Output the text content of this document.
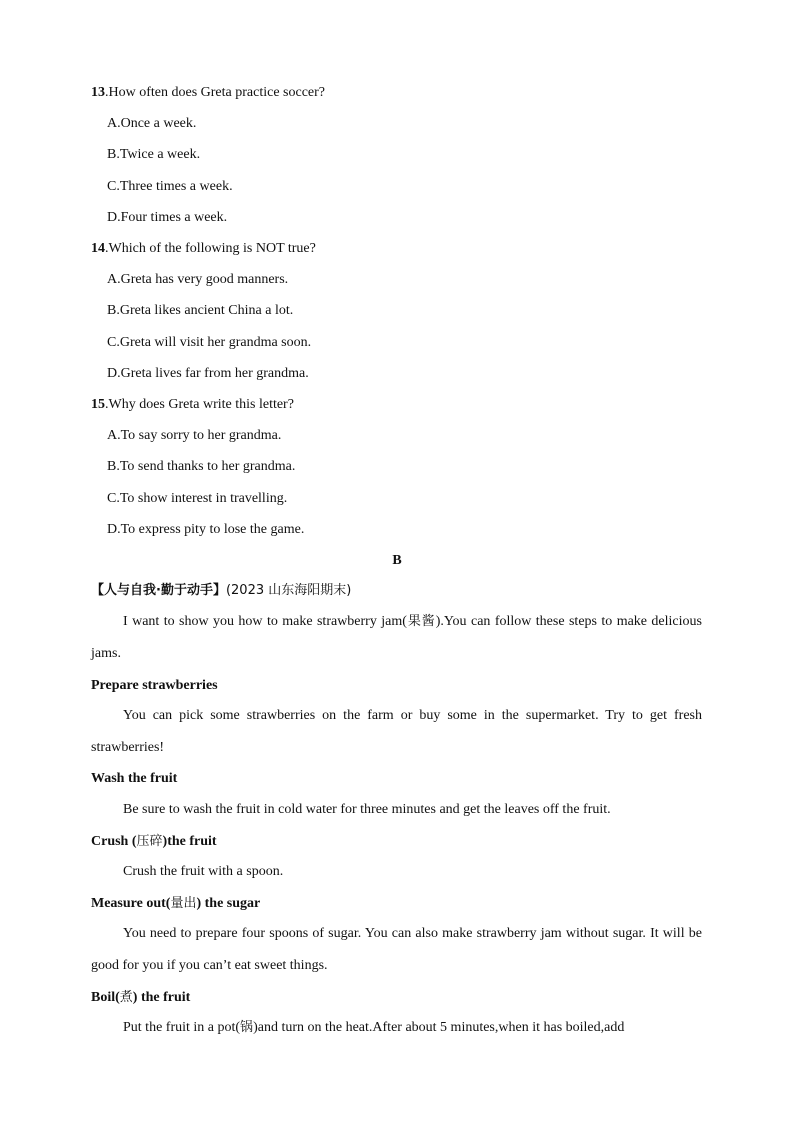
13.How often does Greta practice soccer?
A.Once a week.
B.Twice a week.
C.Three times a week.
D.Four times a week.
14.Which of the following is NOT true?
A.Greta has very good manners.
B.Greta likes ancient China a lot.
C.Greta will visit her grandma soon.
D.Greta lives far from her grandma.
15.Why does Greta write this letter?
A.To say sorry to her grandma.
B.To send thanks to her grandma.
C.To show interest in travelling.
D.To express pity to lose the game.
B
【人与自我·勤于动手】(2023 山东海阳期末)
I want to show you how to make strawberry jam(果酱).You can follow these steps to make delicious jams.
Prepare strawberries
You can pick some strawberries on the farm or buy some in the supermarket. Try to get fresh strawberries!
Wash the fruit
Be sure to wash the fruit in cold water for three minutes and get the leaves off the fruit.
Crush (压碎)the fruit
Crush the fruit with a spoon.
Measure out(量出) the sugar
You need to prepare four spoons of sugar. You can also make strawberry jam without sugar. It will be good for you if you can’t eat sweet things.
Boil(煮) the fruit
Put the fruit in a pot(锅)and turn on the heat.After about 5 minutes,when it has boiled,add
